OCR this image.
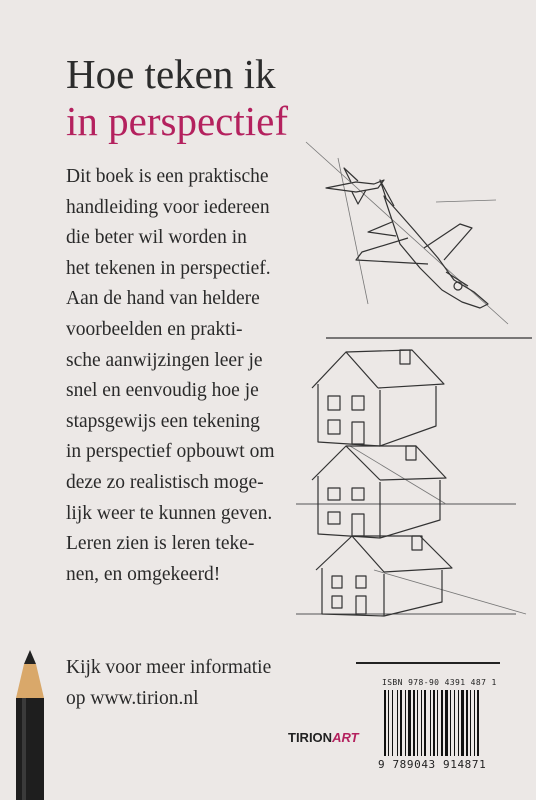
Hoe teken ik
in perspectief
Dit boek is een praktische
handleiding voor iedereen
die beter wil worden in
het tekenen in perspectief.
Aan de hand van heldere
voorbeelden en prakti-
sche aanwijzingen leer je
snel en eenvoudig hoe je
stapsgewijs een tekening
in perspectief opbouwt om
deze zo realistisch moge-
lijk weer te kunnen geven.
Leren zien is leren teke-
nen, en omgekeerd!
Kijk voor meer informatie
op www.tirion.nl
ISBN 978-90 4391 487 1
9 789043 914871
TIRIONART
